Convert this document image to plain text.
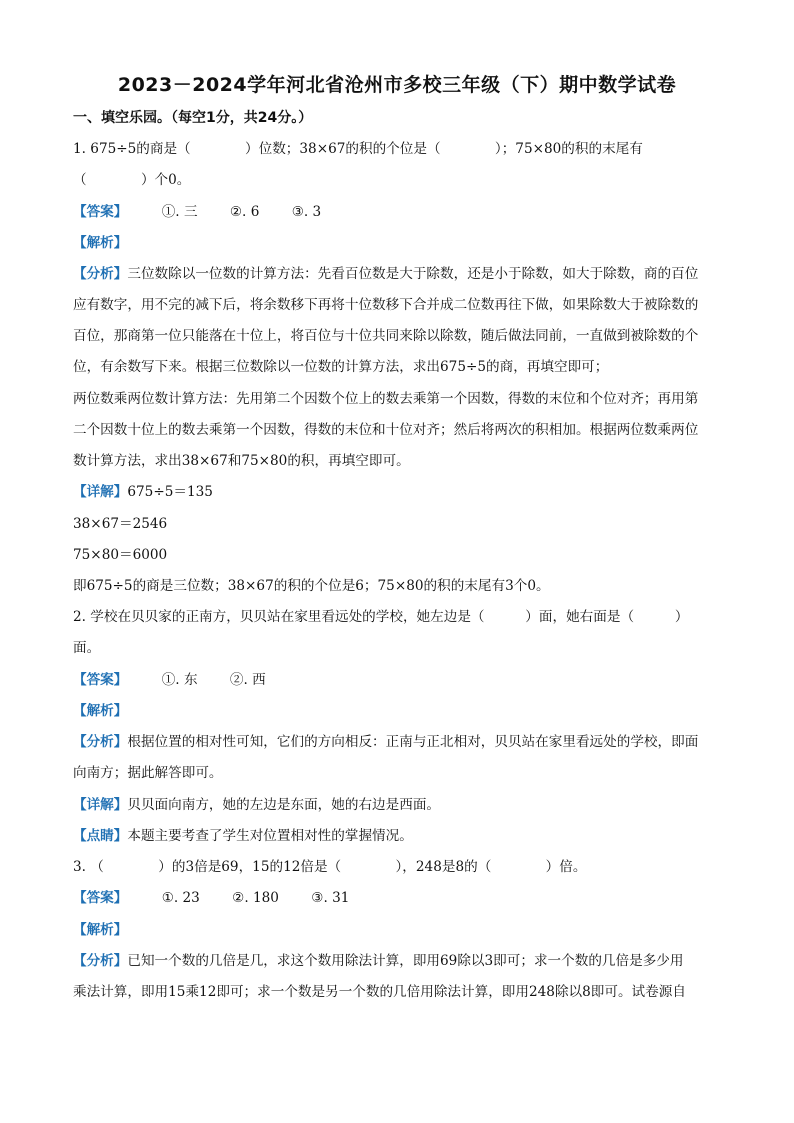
2023－2024学年河北省沧州市多校三年级（下）期中数学试卷
一、填空乐园。（每空1分，共24分。）
1. 675÷5的商是（　　　　）位数；38×67的积的个位是（　　　　）；75×80的积的末尾有
（　　　　）个0。
【答案】	①. 三 ②. 6 ③. 3
【解析】
【分析】三位数除以一位数的计算方法：先看百位数是大于除数，还是小于除数，如大于除数，商的百位
应有数字，用不完的减下后，将余数移下再将十位数移下合并成二位数再往下做，如果除数大于被除数的
百位，那商第一位只能落在十位上，将百位与十位共同来除以除数，随后做法同前，一直做到被除数的个
位，有余数写下来。根据三位数除以一位数的计算方法，求出675÷5的商，再填空即可；
两位数乘两位数计算方法：先用第二个因数个位上的数去乘第一个因数，得数的末位和个位对齐；再用第
二个因数十位上的数去乘第一个因数，得数的末位和十位对齐；然后将两次的积相加。根据两位数乘两位
数计算方法，求出38×67和75×80的积，再填空即可。
【详解】675÷5＝135
38×67＝2546
75×80＝6000
即675÷5的商是三位数；38×67的积的个位是6；75×80的积的末尾有3个0。
2. 学校在贝贝家的正南方，贝贝站在家里看远处的学校，她左边是（　　　）面，她右面是（　　　）
面。
【答案】	①. 东 ②. 西
【解析】
【分析】根据位置的相对性可知，它们的方向相反：正南与正北相对，贝贝站在家里看远处的学校，即面
向南方；据此解答即可。
【详解】贝贝面向南方，她的左边是东面，她的右边是西面。
【点睛】本题主要考查了学生对位置相对性的掌握情况。
3. （　　　　）的3倍是69，15的12倍是（　　　　），248是8的（　　　　）倍。
【答案】	①. 23 ②. 180 ③. 31
【解析】
【分析】已知一个数的几倍是几，求这个数用除法计算，即用69除以3即可；求一个数的几倍是多少用
乘法计算，即用15乘12即可；求一个数是另一个数的几倍用除法计算，即用248除以8即可。试卷源自
